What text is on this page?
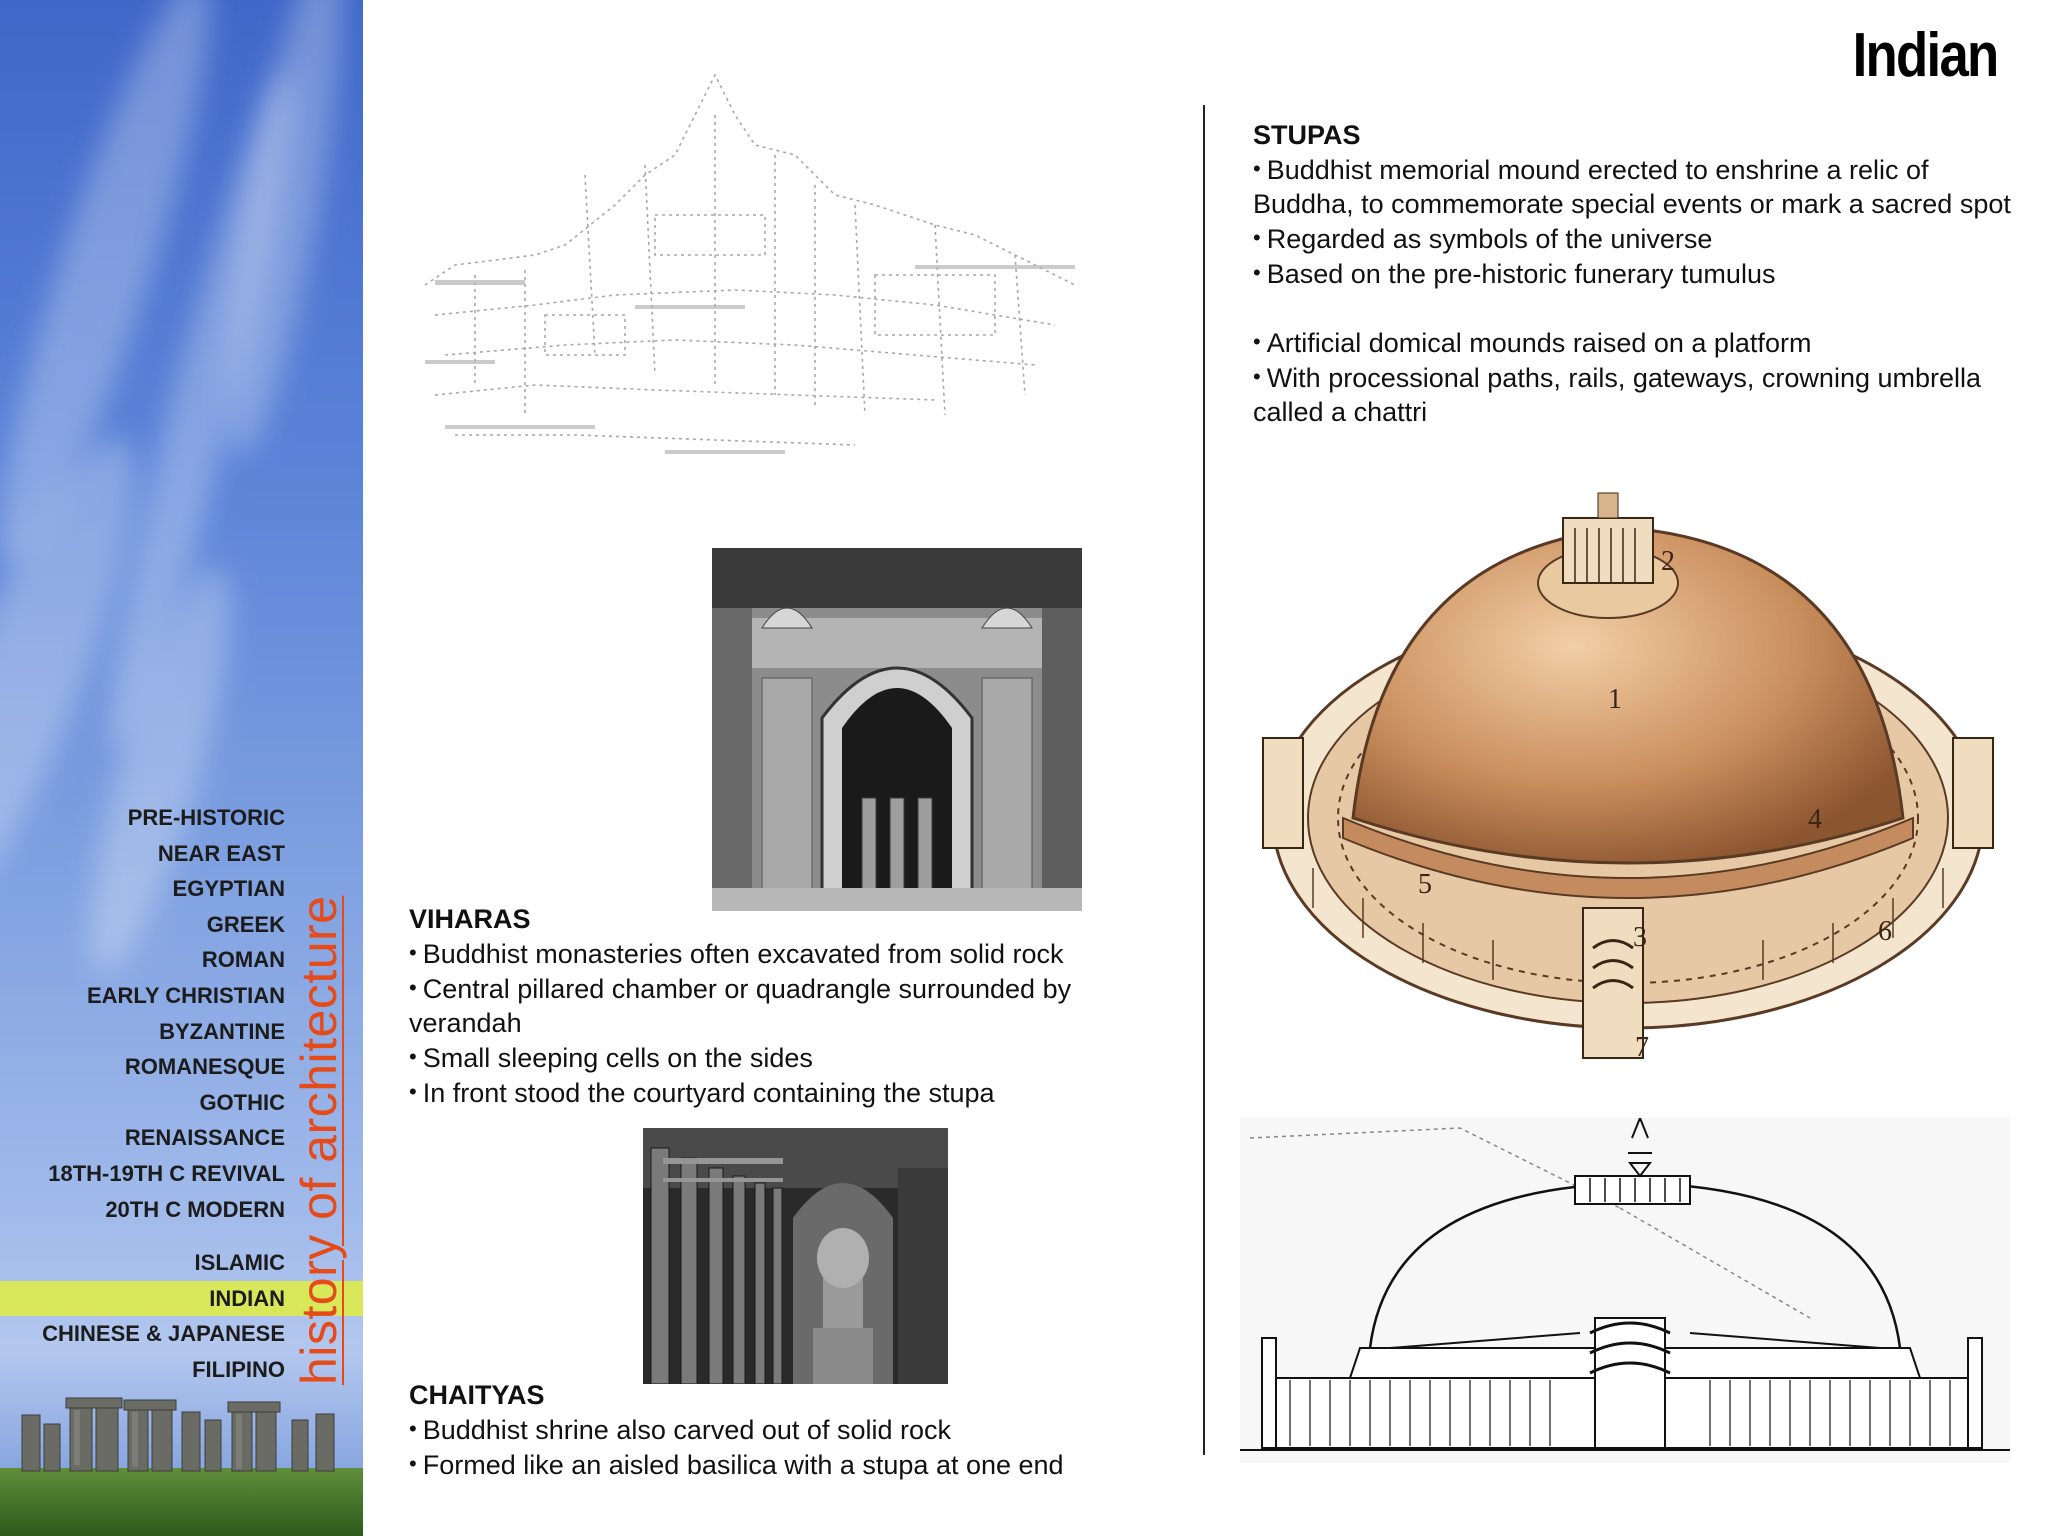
PRE-HISTORIC
NEAR EAST
EGYPTIAN
GREEK
ROMAN
EARLY CHRISTIAN
BYZANTINE
ROMANESQUE
GOTHIC
RENAISSANCE
18TH-19TH C REVIVAL
20TH C MODERN
ISLAMIC
INDIAN
CHINESE & JAPANESE
FILIPINO history of architecture
Indian
1
2
3
4
5
6
7
STUPAS

• Buddhist memorial mound erected to enshrine a relic of Buddha, to commemorate special events or mark a sacred spot

• Regarded as symbols of the universe

• Based on the pre-historic funerary tumulus

• Artificial domical mounds raised on a platform

• With processional paths, rails, gateways, crowning umbrella called a chattri

VIHARAS

• Buddhist monasteries often excavated from solid rock

• Central pillared chamber or quadrangle surrounded by verandah

• Small sleeping cells on the sides

• In front stood the courtyard containing the stupa

CHAITYAS

• Buddhist shrine also carved out of solid rock

• Formed like an aisled basilica with a stupa at one end
